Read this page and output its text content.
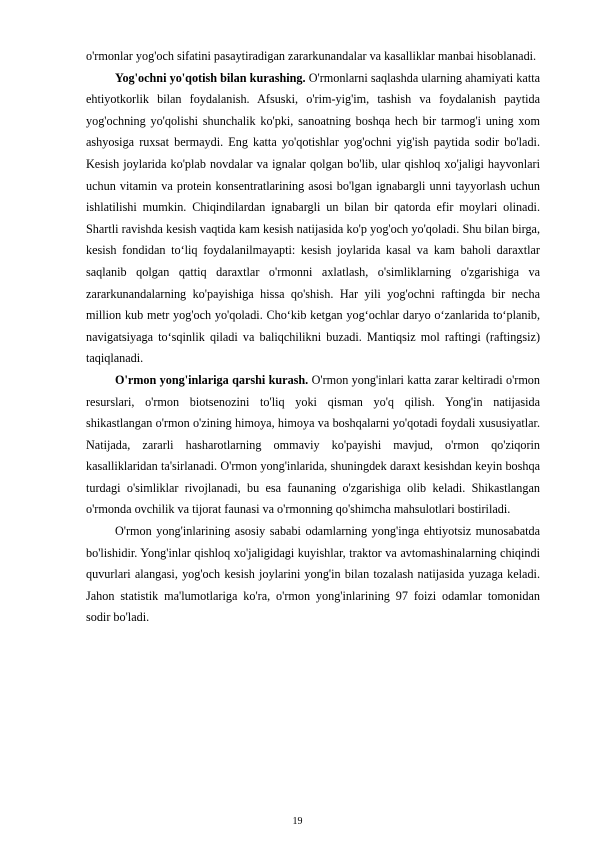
o'rmonlar yog'och sifatini pasaytiradigan zararkunandalar va kasalliklar manbai hisoblanadi.

Yog'ochni yo'qotish bilan kurashing. O'rmonlarni saqlashda ularning ahamiyati katta ehtiyotkorlik bilan foydalanish. Afsuski, o'rim-yig'im, tashish va foydalanish paytida yog'ochning yo'qolishi shunchalik ko'pki, sanoatning boshqa hech bir tarmog'i uning xom ashyosiga ruxsat bermaydi. Eng katta yo'qotishlar yog'ochni yig'ish paytida sodir bo'ladi. Kesish joylarida ko'plab novdalar va ignalar qolgan bo'lib, ular qishloq xo'jaligi hayvonlari uchun vitamin va protein konsentratlarining asosi bo'lgan ignabargli unni tayyorlash uchun ishlatilishi mumkin. Chiqindilardan ignabargli un bilan bir qatorda efir moylari olinadi. Shartli ravishda kesish vaqtida kam kesish natijasida ko'p yog'och yo'qoladi. Shu bilan birga, kesish fondidan to‘liq foydalanilmayapti: kesish joylarida kasal va kam baholi daraxtlar saqlanib qolgan qattiq daraxtlar o'rmonni axlatlash, o'simliklarning o'zgarishiga va zararkunandalarning ko'payishiga hissa qo'shish. Har yili yog'ochni raftingda bir necha million kub metr yog'och yo'qoladi. Cho‘kib ketgan yog‘ochlar daryo o‘zanlarida to‘planib, navigatsiyaga to‘sqinlik qiladi va baliqchilikni buzadi. Mantiqsiz mol raftingi (raftingsiz) taqiqlanadi.

O'rmon yong'inlariga qarshi kurash. O'rmon yong'inlari katta zarar keltiradi o'rmon resurslari, o'rmon biotsenozini to'liq yoki qisman yo'q qilish. Yong'in natijasida shikastlangan o'rmon o'zining himoya, himoya va boshqalarni yo'qotadi foydali xususiyatlar. Natijada, zararli hasharotlarning ommaviy ko'payishi mavjud, o'rmon qo'ziqorin kasalliklaridan ta'sirlanadi. O'rmon yong'inlarida, shuningdek daraxt kesishdan keyin boshqa turdagi o'simliklar rivojlanadi, bu esa faunaning o'zgarishiga olib keladi. Shikastlangan o'rmonda ovchilik va tijorat faunasi va o'rmonning qo'shimcha mahsulotlari bostiriladi.

O'rmon yong'inlarining asosiy sababi odamlarning yong'inga ehtiyotsiz munosabatda bo'lishidir. Yong'inlar qishloq xo'jaligidagi kuyishlar, traktor va avtomashinalarning chiqindi quvurlari alangasi, yog'och kesish joylarini yong'in bilan tozalash natijasida yuzaga keladi. Jahon statistik ma'lumotlariga ko'ra, o'rmon yong'inlarining 97 foizi odamlar tomonidan sodir bo'ladi.

19
